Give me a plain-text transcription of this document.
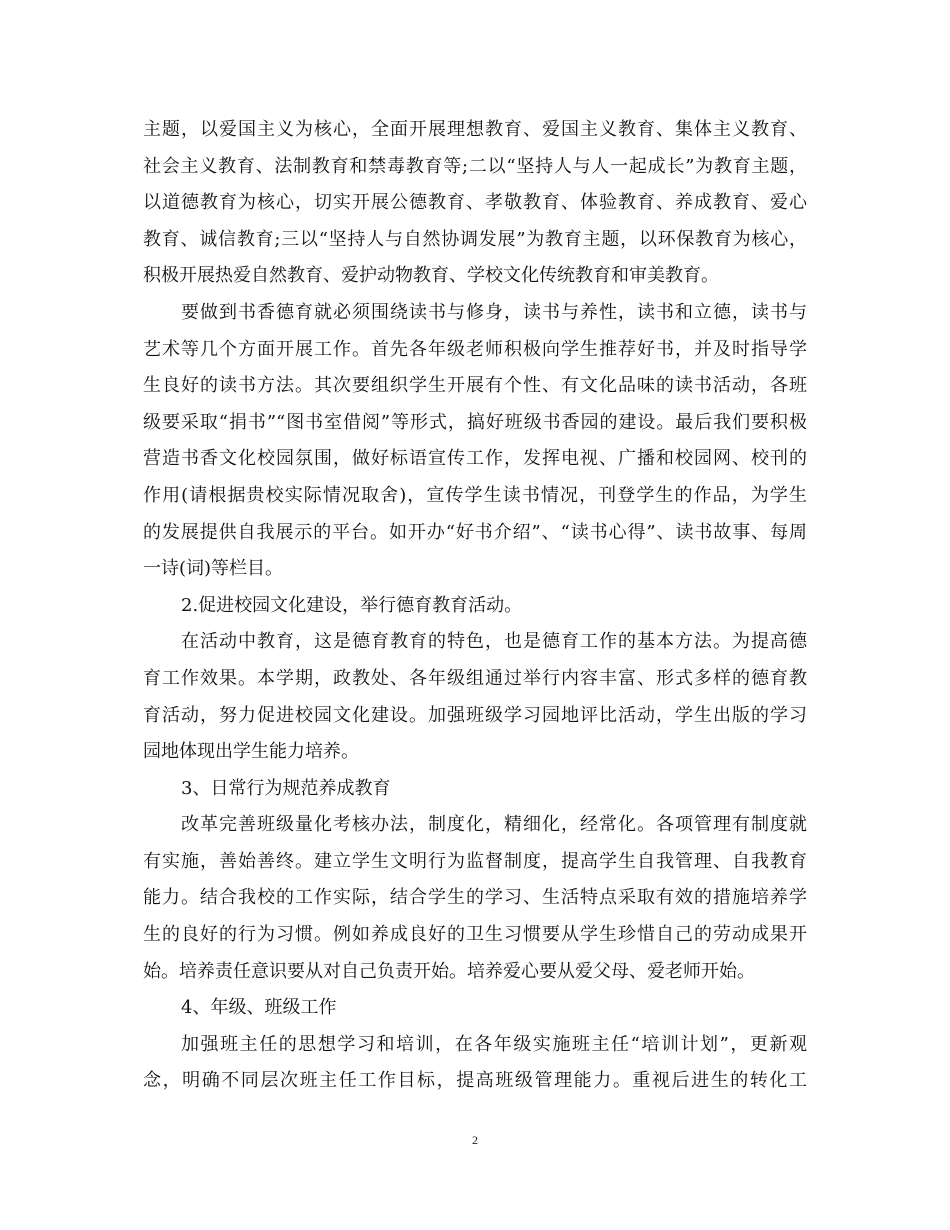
主题，以爱国主义为核心，全面开展理想教育、爱国主义教育、集体主义教育、
社会主义教育、法制教育和禁毒教育等;二以“坚持人与人一起成长”为教育主题，
以道德教育为核心，切实开展公德教育、孝敬教育、体验教育、养成教育、爱心
教育、诚信教育;三以“坚持人与自然协调发展”为教育主题，以环保教育为核心，
积极开展热爱自然教育、爱护动物教育、学校文化传统教育和审美教育。
要做到书香德育就必须围绕读书与修身，读书与养性，读书和立德，读书与
艺术等几个方面开展工作。首先各年级老师积极向学生推荐好书，并及时指导学
生良好的读书方法。其次要组织学生开展有个性、有文化品味的读书活动，各班
级要采取“捐书”“图书室借阅”等形式，搞好班级书香园的建设。最后我们要积极
营造书香文化校园氛围，做好标语宣传工作，发挥电视、广播和校园网、校刊的
作用(请根据贵校实际情况取舍)，宣传学生读书情况，刊登学生的作品，为学生
的发展提供自我展示的平台。如开办“好书介绍”、“读书心得”、读书故事、每周
一诗(词)等栏目。
2.促进校园文化建设，举行德育教育活动。
在活动中教育，这是德育教育的特色，也是德育工作的基本方法。为提高德
育工作效果。本学期，政教处、各年级组通过举行内容丰富、形式多样的德育教
育活动，努力促进校园文化建设。加强班级学习园地评比活动，学生出版的学习
园地体现出学生能力培养。
3、日常行为规范养成教育
改革完善班级量化考核办法，制度化，精细化，经常化。各项管理有制度就
有实施，善始善终。建立学生文明行为监督制度，提高学生自我管理、自我教育
能力。结合我校的工作实际，结合学生的学习、生活特点采取有效的措施培养学
生的良好的行为习惯。例如养成良好的卫生习惯要从学生珍惜自己的劳动成果开
始。培养责任意识要从对自己负责开始。培养爱心要从爱父母、爱老师开始。
4、年级、班级工作
加强班主任的思想学习和培训，在各年级实施班主任“培训计划”，更新观
念，明确不同层次班主任工作目标，提高班级管理能力。重视后进生的转化工
2
